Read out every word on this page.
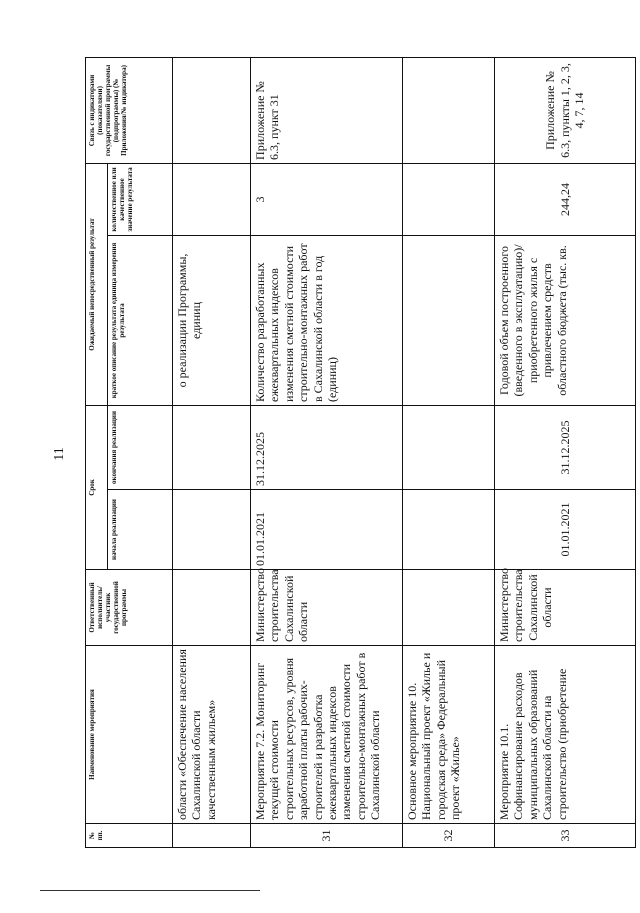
11
№ пп.	Наименование мероприятия	Ответственный исполнитель/участник государственной программы	Срок		Ожидаемый непосредственный результат		Связь с индикаторами (показателями) государственной программы (подпрограммы) (№ Приложения/№ индикатора)
			начала реализации	окончания реализации	краткое описание результата единица измерения результата	количественное или качественное значение результата	
	области «Обеспечение населения Сахалинской области качественным жильем»				о реализации Программы, единиц		
31	Мероприятие 7.2. Мониторинг текущей стоимости строительных ресурсов, уровня заработной платы рабочих-строителей и разработка ежеквартальных индексов изменения сметной стоимости строительно-монтажных работ в Сахалинской области	Министерство строительства Сахалинской области	01.01.2021	31.12.2025	Количество разработанных ежеквартальных индексов изменения сметной стоимости строительно-монтажных работ в Сахалинской области в год (единиц)	3	Приложение № 6.3, пункт 31
32	Основное мероприятие 10. Национальный проект «Жилье и городская среда» Федеральный проект «Жилье»						
33	Мероприятие 10.1. Софинансирование расходов муниципальных образований Сахалинской области на строительство (приобретение	Министерство строительства Сахалинской области	01.01.2021	31.12.2025	Годовой объем построенного (введенного в эксплуатацию)/ приобретенного жилья с привлечением средств областного бюджета (тыс. кв.	244,24	Приложение № 6.3, пункты 1, 2, 3, 4, 7, 14
